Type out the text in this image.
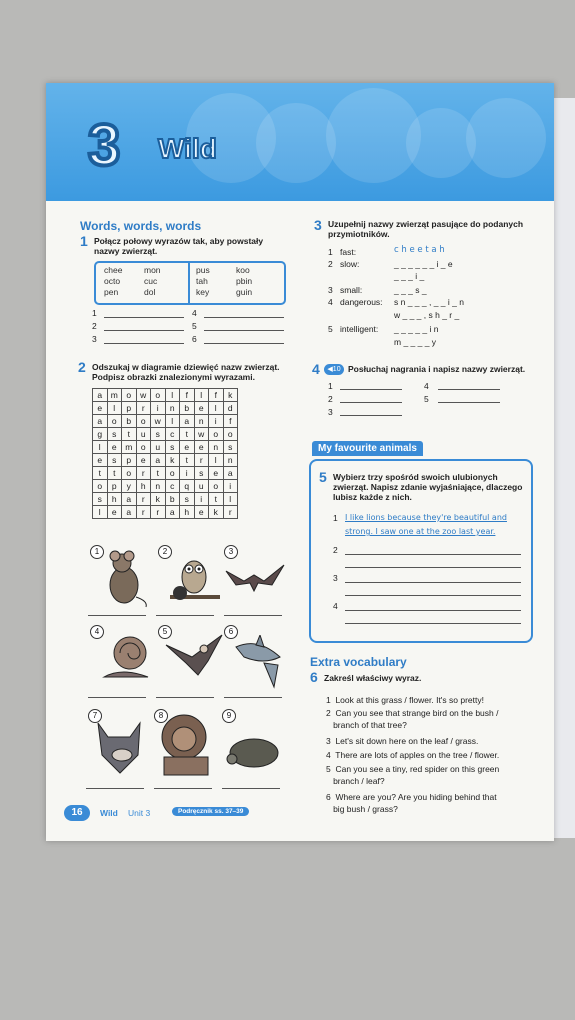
3 Wild
Words, words, words
1 Połącz połowy wyrazów tak, aby powstały nazwy zwierząt.
chee	mon	pus	koo
octo	cuc	tah	pbin
pen	dol	key	guin
1	4
2	5
3	6
2 Odszukaj w diagramie dziewięć nazw zwierząt. Podpisz obrazki znalezionymi wyrazami.
a	m	o	w	o	l	f	l	f	k
e	l	p	r	i	n	b	e	l	d
a	o	b	o	w	l	a	n	i	f
g	s	t	u	s	c	t	w	o	o
l	e	m	o	u	s	e	e	n	s
e	s	p	e	a	k	t	r	l	n
t	t	o	r	t	o	i	s	e	a
o	p	y	h	n	c	q	u	o	i
s	h	a	r	k	b	s	i	t	l
l	e	a	r	r	a	h	e	k	r
1	2	3
4	5	6
7	8	9
16	Wild Unit 3	Podręcznik ss. 37–39
3 Uzupełnij nazwy zwierząt pasujące do podanych przymiotników.
1 fast:	c h e e t a h
2 slow:	_ _ _ _ _ _ i _ e
_ _ _ i _
3 small:	_ _ _ s _
4 dangerous: s n _ _ _ , _ _ i _ n
w _ _ _ , s h _ r _
5 intelligent: _ _ _ _ _ i n
m _ _ _ _ y
4	◀10 Posłuchaj nagrania i napisz nazwy zwierząt.
1	4
2	5
3
My favourite animals
5 Wybierz trzy spośród swoich ulubionych zwierząt. Napisz zdanie wyjaśniające, dlaczego lubisz każde z nich.
1 I like lions because they're beautiful and
strong. I saw one at the zoo last year.
2
3
4
Extra vocabulary
6 Zakreśl właściwy wyraz.
1  Look at this grass / flower. It's so pretty!
2  Can you see that strange bird on the bush /
branch of that tree?
3  Let's sit down here on the leaf / grass.
4  There are lots of apples on the tree / flower.
5  Can you see a tiny, red spider on this green
branch / leaf?
6  Where are you? Are you hiding behind that
big bush / grass?
